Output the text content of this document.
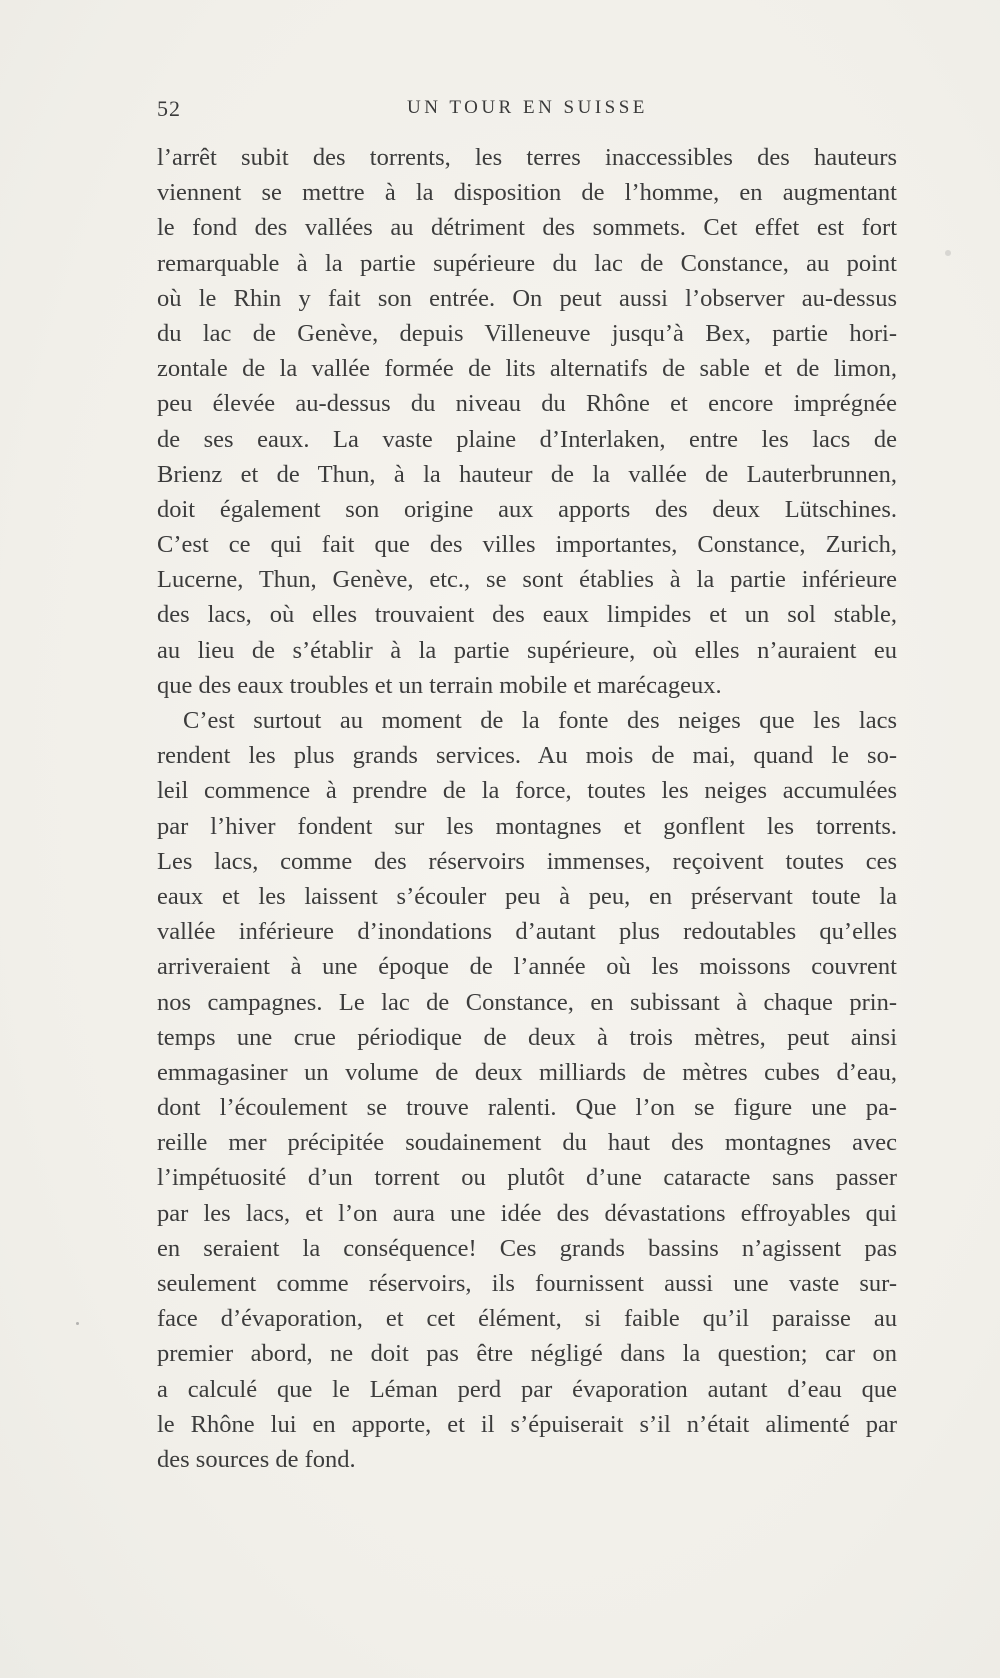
52	UN TOUR EN SUISSE
l’arrêt subit des torrents, les terres inaccessibles des hauteurs
viennent se mettre à la disposition de l’homme, en augmentant
le fond des vallées au détriment des sommets. Cet effet est fort
remarquable à la partie supérieure du lac de Constance, au point
où le Rhin y fait son entrée. On peut aussi l’observer au-dessus
du lac de Genève, depuis Villeneuve jusqu’à Bex, partie hori-
zontale de la vallée formée de lits alternatifs de sable et de limon,
peu élevée au-dessus du niveau du Rhône et encore imprégnée
de ses eaux. La vaste plaine d’Interlaken, entre les lacs de
Brienz et de Thun, à la hauteur de la vallée de Lauterbrunnen,
doit également son origine aux apports des deux Lütschines.
C’est ce qui fait que des villes importantes, Constance, Zurich,
Lucerne, Thun, Genève, etc., se sont établies à la partie inférieure
des lacs, où elles trouvaient des eaux limpides et un sol stable,
au lieu de s’établir à la partie supérieure, où elles n’auraient eu
que des eaux troubles et un terrain mobile et marécageux.
C’est surtout au moment de la fonte des neiges que les lacs
rendent les plus grands services. Au mois de mai, quand le so-
leil commence à prendre de la force, toutes les neiges accumulées
par l’hiver fondent sur les montagnes et gonflent les torrents.
Les lacs, comme des réservoirs immenses, reçoivent toutes ces
eaux et les laissent s’écouler peu à peu, en préservant toute la
vallée inférieure d’inondations d’autant plus redoutables qu’elles
arriveraient à une époque de l’année où les moissons couvrent
nos campagnes. Le lac de Constance, en subissant à chaque prin-
temps une crue périodique de deux à trois mètres, peut ainsi
emmagasiner un volume de deux milliards de mètres cubes d’eau,
dont l’écoulement se trouve ralenti. Que l’on se figure une pa-
reille mer précipitée soudainement du haut des montagnes avec
l’impétuosité d’un torrent ou plutôt d’une cataracte sans passer
par les lacs, et l’on aura une idée des dévastations effroyables qui
en seraient la conséquence! Ces grands bassins n’agissent pas
seulement comme réservoirs, ils fournissent aussi une vaste sur-
face d’évaporation, et cet élément, si faible qu’il paraisse au
premier abord, ne doit pas être négligé dans la question; car on
a calculé que le Léman perd par évaporation autant d’eau que
le Rhône lui en apporte, et il s’épuiserait s’il n’était alimenté par
des sources de fond.
